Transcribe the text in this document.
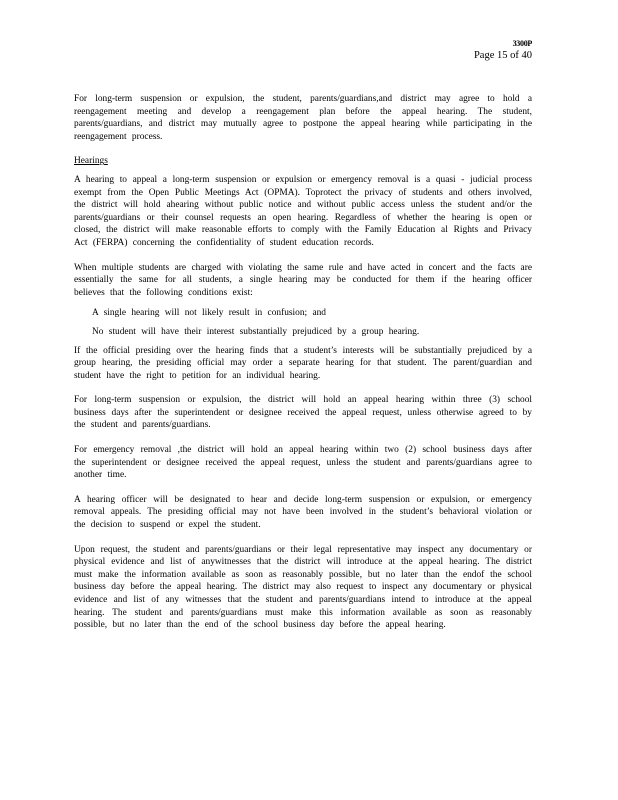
3300P
Page 15 of 40

For long-term suspension or expulsion, the student, parents/guardians,and district may agree to hold a reengagement meeting and develop a reengagement plan before the appeal hearing. The student, parents/guardians, and district may mutually agree to postpone the appeal hearing while participating in the reengagement process.

Hearings

A hearing to appeal a long-term suspension or expulsion or emergency removal is a quasi - judicial process exempt from the Open Public Meetings Act (OPMA). Toprotect the privacy of students and others involved, the district will hold ahearing without public notice and without public access unless the student and/or the parents/guardians or their counsel requests an open hearing. Regardless of whether the hearing is open or closed, the district will make reasonable efforts to comply with the Family Education al Rights and Privacy Act (FERPA) concerning the confidentiality of student education records.

When multiple students are charged with violating the same rule and have acted in concert and the facts are essentially the same for all students, a single hearing may be conducted for them if the hearing officer believes that the following conditions exist:

A single hearing will not likely result in confusion; and
No student will have their interest substantially prejudiced by a group hearing.

If the official presiding over the hearing finds that a student’s interests will be substantially prejudiced by a group hearing, the presiding official may order a separate hearing for that student. The parent/guardian and student have the right to petition for an individual hearing.

For long-term suspension or expulsion, the district will hold an appeal hearing within three (3) school business days after the superintendent or designee received the appeal request, unless otherwise agreed to by the student and parents/guardians.

For emergency removal ,the district will hold an appeal hearing within two (2) school business days after the superintendent or designee received the appeal request, unless the student and parents/guardians agree to another time.

A hearing officer will be designated to hear and decide long-term suspension or expulsion, or emergency removal appeals. The presiding official may not have been involved in the student’s behavioral violation or the decision to suspend or expel the student.

Upon request, the student and parents/guardians or their legal representative may inspect any documentary or physical evidence and list of anywitnesses that the district will introduce at the appeal hearing. The district must make the information available as soon as reasonably possible, but no later than the endof the school business day before the appeal hearing. The district may also request to inspect any documentary or physical evidence and list of any witnesses that the student and parents/guardians intend to introduce at the appeal hearing. The student and parents/guardians must make this information available as soon as reasonably possible, but no later than the end of the school business day before the appeal hearing.
